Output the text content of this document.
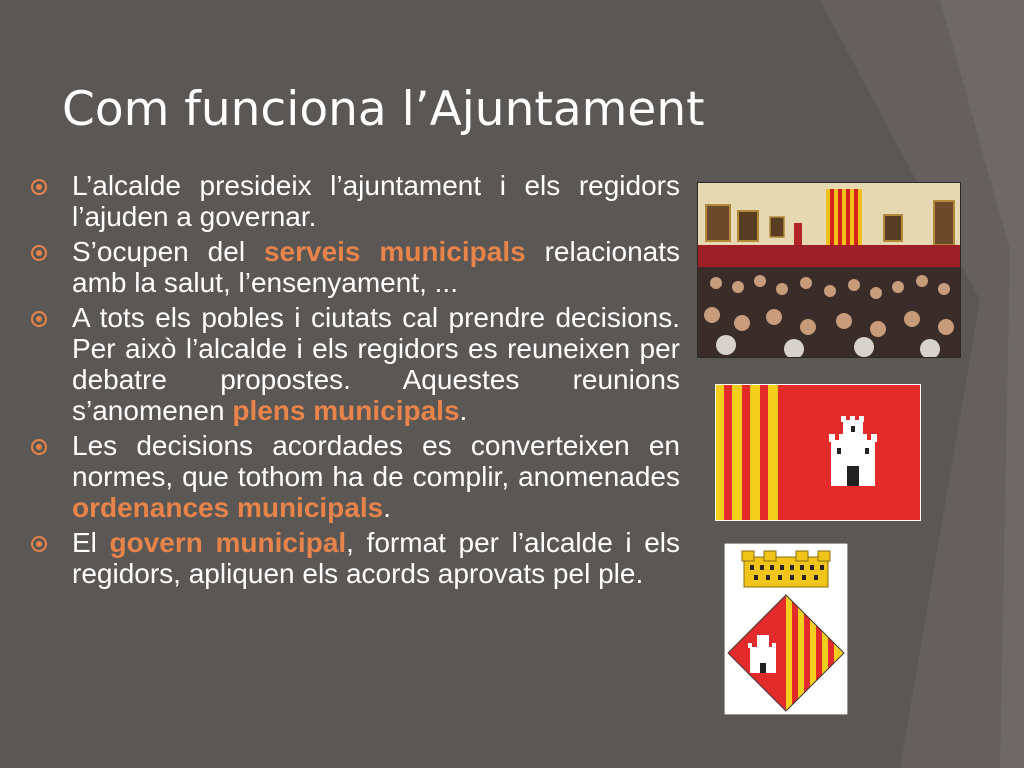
Com funciona l’Ajuntament
L’alcalde presideix l’ajuntament i els regidors l’ajuden a governar.
S’ocupen del serveis municipals relacionats amb la salut, l’ensenyament, ...
A tots els pobles i ciutats cal prendre decisions. Per això l’alcalde i els regidors es reuneixen per debatre propostes. Aquestes reunions s’anomenen plens municipals.
Les decisions acordades es converteixen en normes, que tothom ha de complir, anomenades ordenances municipals.
El govern municipal, format per l’alcalde i els regidors, apliquen els acords aprovats pel ple.
